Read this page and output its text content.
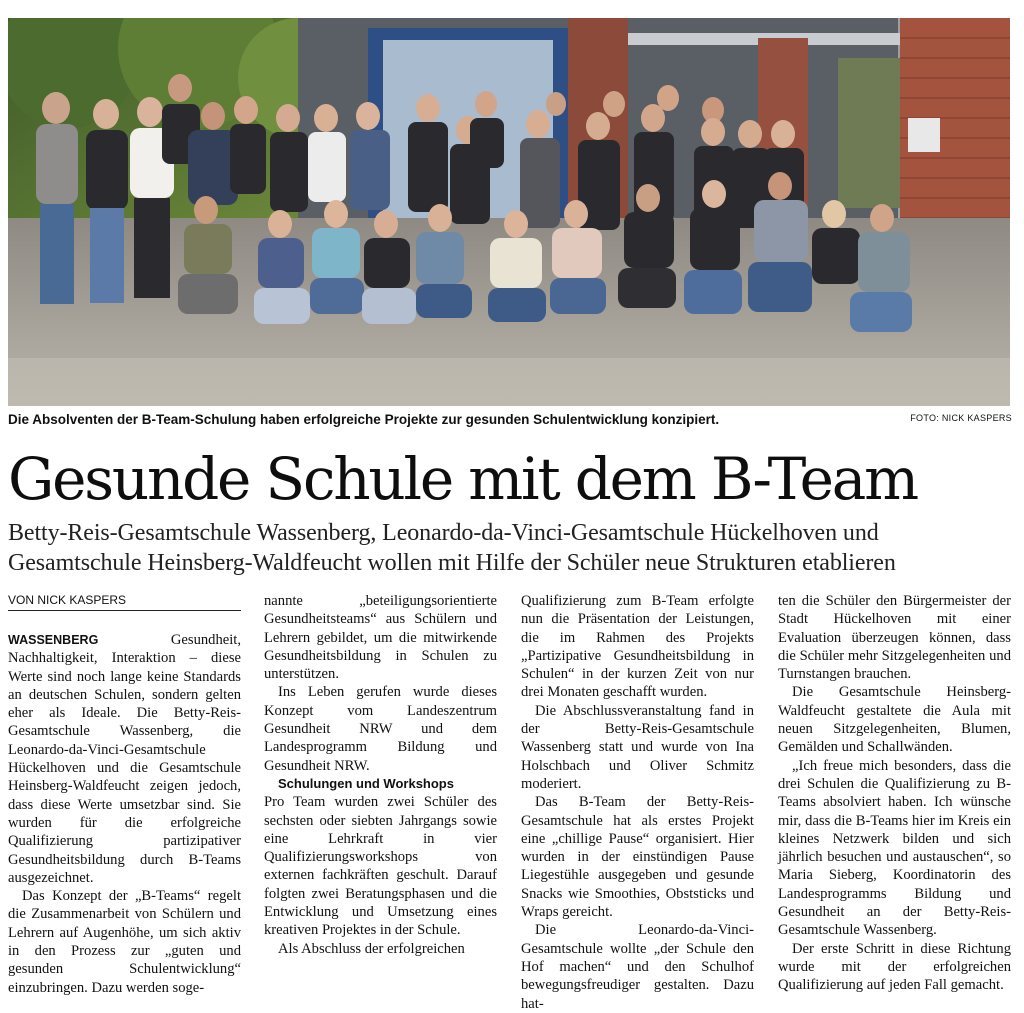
Die Absolventen der B-Team-Schulung haben erfolgreiche Projekte zur gesunden Schulentwicklung konzipiert.	FOTO: NICK KASPERS
Gesunde Schule mit dem B-Team
Betty-Reis-Gesamtschule Wassenberg, Leonardo-da-Vinci-Gesamtschule Hückelhoven und Gesamtschule Heinsberg-Waldfeucht wollen mit Hilfe der Schüler neue Strukturen etablieren
VON NICK KASPERS

WASSENBERG	Gesundheit, Nachhaltigkeit, Interaktion – diese Werte sind noch lange keine Standards an deutschen Schulen, sondern gelten eher als Ideale. Die Betty-Reis-Gesamtschule Wassenberg, die Leonardo-da-Vinci-Gesamtschule Hückelhoven und die Gesamtschule Heinsberg-Waldfeucht zeigen jedoch, dass diese Werte umsetzbar sind. Sie wurden für die erfolgreiche Qualifizierung partizipativer Gesundheitsbildung durch B-Teams ausgezeichnet.

Das Konzept der „B-Teams“ regelt die Zusammenarbeit von Schülern und Lehrern auf Augenhöhe, um sich aktiv in den Prozess zur „guten und gesunden Schulentwicklung“ einzubringen. Dazu werden soge-

nannte „beteiligungsorientierte Gesundheitsteams“ aus Schülern und Lehrern gebildet, um die mitwirkende Gesundheitsbildung in Schulen zu unterstützen.

Ins Leben gerufen wurde dieses Konzept vom Landeszentrum Gesundheit NRW und dem Landesprogramm Bildung und Gesundheit NRW.

Schulungen und Workshops

Pro Team wurden zwei Schüler des sechsten oder siebten Jahrgangs sowie eine Lehrkraft in vier Qualifizierungsworkshops von externen fachkräften geschult. Darauf folgten zwei Beratungsphasen und die Entwicklung und Umsetzung eines kreativen Projektes in der Schule.

Als Abschluss der erfolgreichen

Qualifizierung zum B-Team erfolgte nun die Präsentation der Leistungen, die im Rahmen des Projekts „Partizipative Gesundheitsbildung in Schulen“ in der kurzen Zeit von nur drei Monaten geschafft wurden.

Die Abschlussveranstaltung fand in der Betty-Reis-Gesamtschule Wassenberg statt und wurde von Ina Holschbach und Oliver Schmitz moderiert.

Das B-Team der Betty-Reis-Gesamtschule hat als erstes Projekt eine „chillige Pause“ organisiert. Hier wurden in der einstündigen Pause Liegestühle ausgegeben und gesunde Snacks wie Smoothies, Obststicks und Wraps gereicht.

Die Leonardo-da-Vinci-Gesamtschule wollte „der Schule den Hof machen“ und den Schulhof bewegungsfreudiger gestalten. Dazu hat-

ten die Schüler den Bürgermeister der Stadt Hückelhoven mit einer Evaluation überzeugen können, dass die Schüler mehr Sitzgelegenheiten und Turnstangen brauchen.

Die Gesamtschule Heinsberg-Waldfeucht gestaltete die Aula mit neuen Sitzgelegenheiten, Blumen, Gemälden und Schallwänden.

„Ich freue mich besonders, dass die drei Schulen die Qualifizierung zu B-Teams absolviert haben. Ich wünsche mir, dass die B-Teams hier im Kreis ein kleines Netzwerk bilden und sich jährlich besuchen und austauschen“, so Maria Sieberg, Koordinatorin des Landesprogramms Bildung und Gesundheit an der Betty-Reis-Gesamtschule Wassenberg.

Der erste Schritt in diese Richtung wurde mit der erfolgreichen Qualifizierung auf jeden Fall gemacht.
